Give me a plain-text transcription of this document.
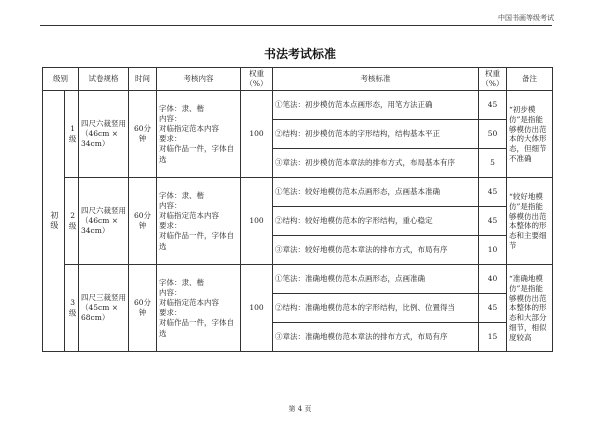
中国书画等级考试
书法考试标准
级别		试卷规格	时间	考核内容	权重（%）	考核标准	权重（%）	备注

初级	1级	四尺六裁竖用（46cm × 34cm）	60分钟	字体：隶、楷
内容：
对临指定范本内容
要求：
对临作品一件，字体自选	100	①笔法：初步模仿范本点画形态，用笔方法正确	45	“初步模仿”是指能够模仿出范本的大体形态，但细节不准确
						②结构：初步模仿范本的字形结构，结构基本平正	50	
						③章法：初步模仿范本章法的排布方式，布局基本有序	5	

	2级	四尺六裁竖用（46cm × 34cm）	60分钟	字体：隶、楷
内容：
对临指定范本内容
要求：
对临作品一件，字体自选	100	①笔法：较好地模仿范本点画形态，点画基本准确	45	“较好地模仿”是指能够模仿出范本整体的形态和主要细节
						②结构：较好地模仿范本的字形结构，重心稳定	45	
						③章法：较好地模仿范本章法的排布方式，布局有序	10	

	3级	四尺三裁竖用（45cm × 68cm）	60分钟	字体：隶、楷
内容：
对临指定范本内容
要求：
对临作品一件，字体自选	100	①笔法：准确地模仿范本点画形态，点画准确	40	“准确地模仿”是指能够模仿出范本整体的形态和大部分细节，相似度较高
						②结构：准确地模仿范本的字形结构，比例、位置得当	45	
						③章法：准确地模仿范本章法的排布方式，布局有序	15	
第 4 页
